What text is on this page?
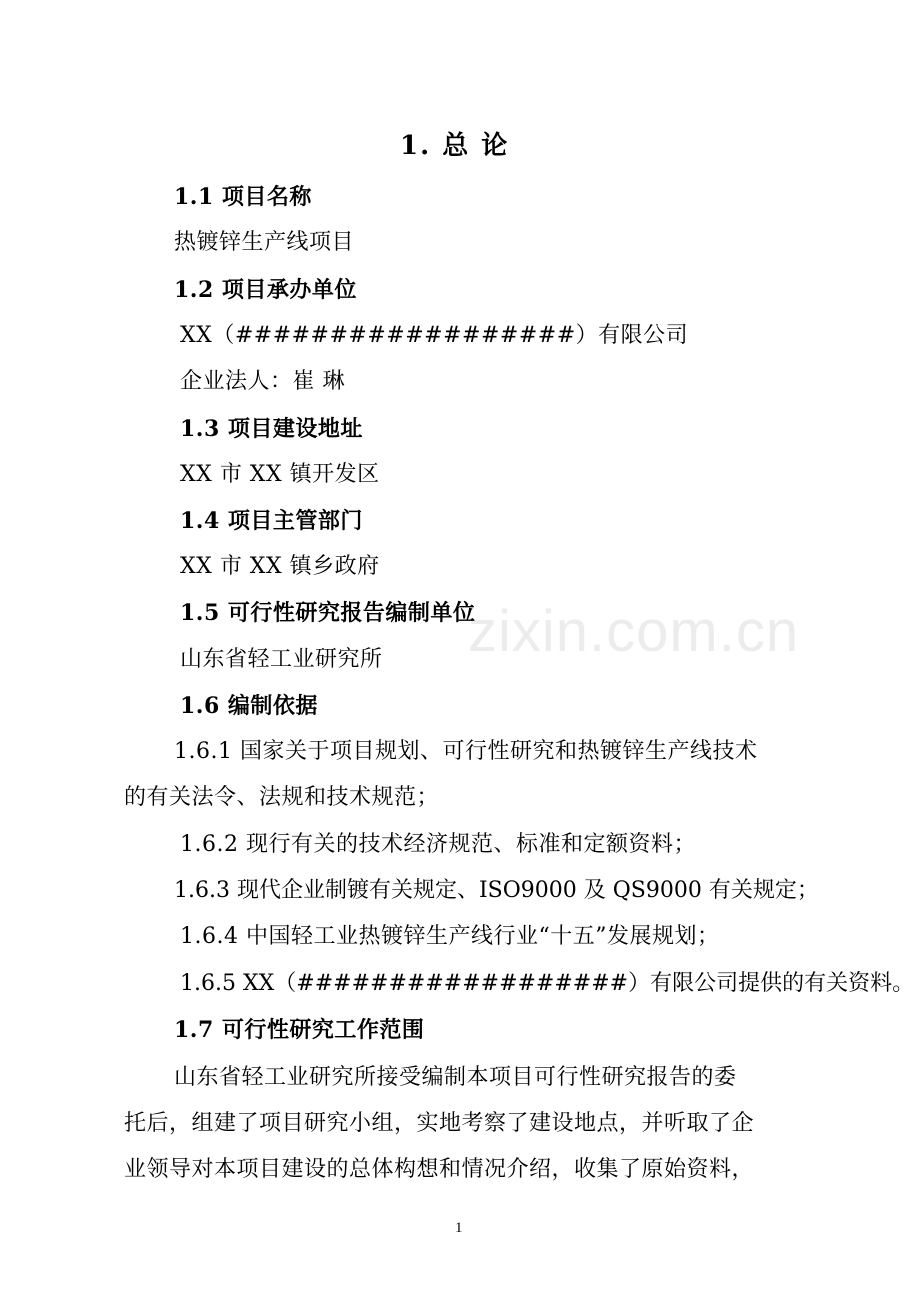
zixin.com.cn
1. 总 论
1.1 项目名称
热镀锌生产线项目
1.2 项目承办单位
XX（##################）有限公司
企业法人：崔 琳
1.3 项目建设地址
XX 市 XX 镇开发区
1.4 项目主管部门
XX 市 XX 镇乡政府
1.5 可行性研究报告编制单位
山东省轻工业研究所
1.6 编制依据
1.6.1 国家关于项目规划、可行性研究和热镀锌生产线技术
的有关法令、法规和技术规范；
1.6.2 现行有关的技术经济规范、标准和定额资料；
1.6.3 现代企业制镀有关规定、ISO9000 及 QS9000 有关规定；
1.6.4 中国轻工业热镀锌生产线行业“十五”发展规划；
1.6.5 XX（##################）有限公司提供的有关资料。
1.7 可行性研究工作范围
山东省轻工业研究所接受编制本项目可行性研究报告的委
托后，组建了项目研究小组，实地考察了建设地点，并听取了企
业领导对本项目建设的总体构想和情况介绍，收集了原始资料，
1
